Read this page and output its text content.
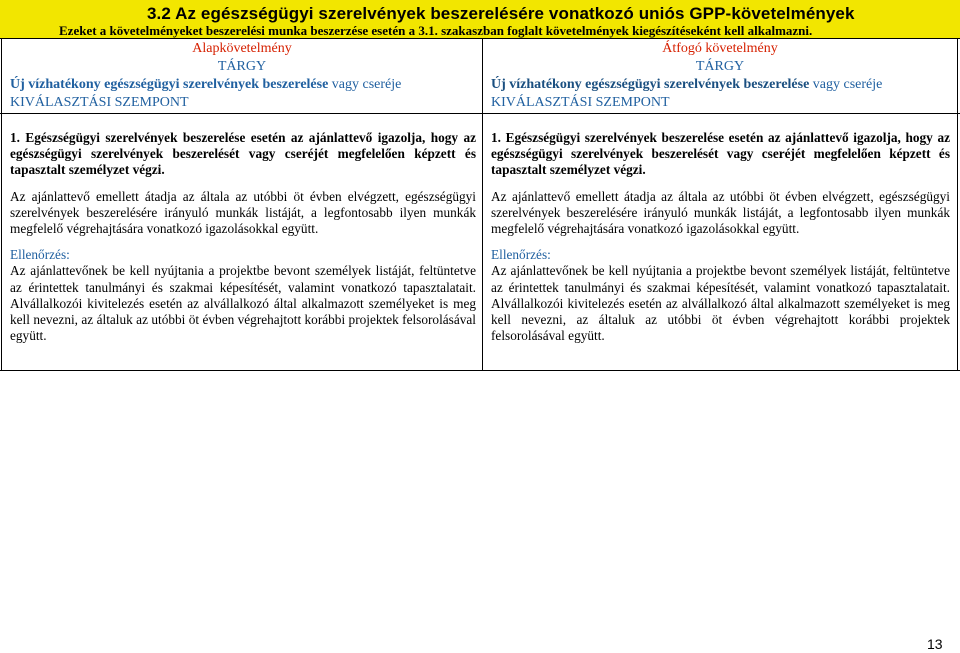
3.2 Az egészségügyi szerelvények beszerelésére vonatkozó uniós GPP-követelmények
Ezeket a követelményeket beszerelési munka beszerzése esetén a 3.1. szakaszban foglalt követelmények kiegészítéseként kell alkalmazni.
Alapkövetelmény
TÁRGY
Új vízhatékony egészségügyi szerelvények beszerelése vagy cseréje
KIVÁLASZTÁSI SZEMPONT
Átfogó követelmény
TÁRGY
Új vízhatékony egészségügyi szerelvények beszerelése vagy cseréje
KIVÁLASZTÁSI SZEMPONT

1. Egészségügyi szerelvények beszerelése esetén az ajánlattevő igazolja, hogy az egészségügyi szerelvények beszerelését vagy cseréjét megfelelően képzett és tapasztalt személyzet végzi.

Az ajánlattevő emellett átadja az általa az utóbbi öt évben elvégzett, egészségügyi szerelvények beszerelésére irányuló munkák listáját, a legfontosabb ilyen munkák megfelelő végrehajtására vonatkozó igazolásokkal együtt.

Ellenőrzés:

Az ajánlattevőnek be kell nyújtania a projektbe bevont személyek listáját, feltüntetve az érintettek tanulmányi és szakmai képesítését, valamint vonatkozó tapasztalatait. Alvállalkozói kivitelezés esetén az alvállalkozó által alkalmazott személyeket is meg kell nevezni, az általuk az utóbbi öt évben végrehajtott korábbi projektek felsorolásával együtt.

1. Egészségügyi szerelvények beszerelése esetén az ajánlattevő igazolja, hogy az egészségügyi szerelvények beszerelését vagy cseréjét megfelelően képzett és tapasztalt személyzet végzi.

Az ajánlattevő emellett átadja az általa az utóbbi öt évben elvégzett, egészségügyi szerelvények beszerelésére irányuló munkák listáját, a legfontosabb ilyen munkák megfelelő végrehajtására vonatkozó igazolásokkal együtt.

Ellenőrzés:

Az ajánlattevőnek be kell nyújtania a projektbe bevont személyek listáját, feltüntetve az érintettek tanulmányi és szakmai képesítését, valamint vonatkozó tapasztalatait. Alvállalkozói kivitelezés esetén az alvállalkozó által alkalmazott személyeket is meg kell nevezni, az általuk az utóbbi öt évben végrehajtott korábbi projektek felsorolásával együtt.

13
